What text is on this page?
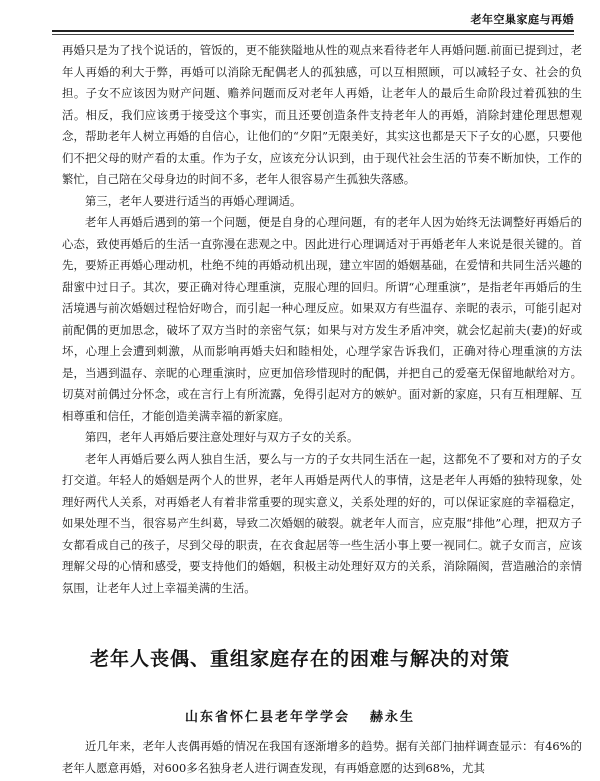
老年空巢家庭与再婚

再婚只是为了找个说话的，管饭的，更不能狭隘地从性的观点来看待老年人再婚问题.前面已提到过，老年人再婚的利大于弊，再婚可以消除无配偶老人的孤独感，可以互相照顾，可以减轻子女、社会的负担。子女不应该因为财产问题、赡养问题而反对老年人再婚，让老年人的最后生命阶段过着孤独的生活。相反，我们应该勇于接受这个事实，而且还要创造条件支持老年人的再婚，消除封建伦理思想观念，帮助老年人树立再婚的自信心，让他们的“夕阳”无限美好，其实这也都是天下子女的心愿，只要他们不把父母的财产看的太重。作为子女，应该充分认识到，由于现代社会生活的节奏不断加快，工作的繁忙，自己陪在父母身边的时间不多，老年人很容易产生孤独失落感。

第三，老年人要进行适当的再婚心理调适。

老年人再婚后遇到的第一个问题，便是自身的心理问题，有的老年人因为始终无法调整好再婚后的心态，致使再婚后的生活一直弥漫在悲观之中。因此进行心理调适对于再婚老年人来说是很关键的。首先，要矫正再婚心理动机，杜绝不纯的再婚动机出现，建立牢固的婚姻基础，在爱情和共同生活兴趣的甜蜜中过日子。其次，要正确对待心理重演，克服心理的回归。所谓“心理重演”，是指老年再婚后的生活境遇与前次婚姻过程恰好吻合，而引起一种心理反应。如果双方有些温存、亲昵的表示，可能引起对前配偶的更加思念，破坏了双方当时的亲密气氛；如果与对方发生矛盾冲突，就会忆起前夫(妻)的好或坏，心理上会遭到刺激，从而影响再婚夫妇和睦相处，心理学家告诉我们，正确对待心理重演的方法是，当遇到温存、亲昵的心理重演时，应更加倍珍惜现时的配偶，并把自己的爱毫无保留地献给对方。切莫对前偶过分怀念，或在言行上有所流露，免得引起对方的嫉妒。面对新的家庭，只有互相理解、互相尊重和信任，才能创造美满幸福的新家庭。

第四，老年人再婚后要注意处理好与双方子女的关系。

老年人再婚后要么两人独自生活，要么与一方的子女共同生活在一起，这都免不了要和对方的子女打交道。年轻人的婚姻是两个人的世界，老年人再婚是两代人的事情，这是老年人再婚的独特现象，处理好两代人关系，对再婚老人有着非常重要的现实意义，关系处理的好的，可以保证家庭的幸福稳定，如果处理不当，很容易产生纠葛，导致二次婚姻的破裂。就老年人而言，应克服“排他”心理，把双方子女都看成自己的孩子，尽到父母的职责，在衣食起居等一些生活小事上要一视同仁。就子女而言，应该理解父母的心情和感受，要支持他们的婚姻，积极主动处理好双方的关系，消除隔阂，营造融洽的亲情氛围，让老年人过上幸福美满的生活。

老年人丧偶、重组家庭存在的困难与解决的对策
山东省怀仁县老年学学会 赫永生

近几年来，老年人丧偶再婚的情况在我国有逐渐增多的趋势。据有关部门抽样调查显示：有46%的老年人愿意再婚，对600多名独身老人进行调查发现，有再婚意愿的达到68%，尤其
